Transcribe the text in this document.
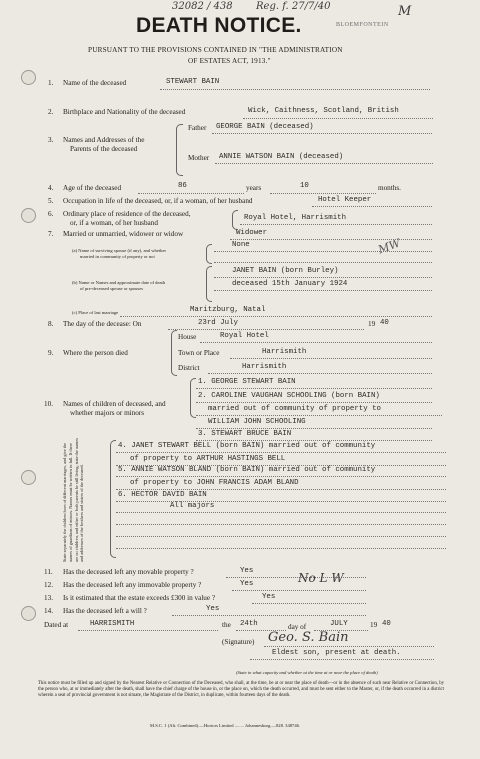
32082 / 438 Reg. f. 27/7/40	M
BLOEMFONTEIN
DEATH NOTICE.
PURSUANT TO THE PROVISIONS CONTAINED IN "THE ADMINISTRATION
OF ESTATES ACT, 1913."
1. Name of the deceased	STEWART BAIN
2. Birthplace and Nationality of the deceased	Wick, Caithness, Scotland, British
3. Names and Addresses of the
Parents of the deceased
Father GEORGE BAIN (deceased)
Mother ANNIE WATSON BAIN (deceased)
4. Age of the deceased	86	years	10	months.
5. Occupation in life of the deceased, or, if a woman, of her husband	Hotel Keeper
6. Ordinary place of residence of the deceased,
or, if a woman, of her husband
Royal Hotel, Harrismith
7. Married or unmarried, widower or widow	Widower
(a) Name of surviving spouse (if any), and whether
married in community of property or not
None
(b) Name or Names and approximate date of death
of pre-deceased spouse or spouses
JANET BAIN (born Burley)
deceased 15th January 1924
(c) Place of last marriage	Maritzburg, Natal
8. The day of the decease: On	23rd July	19 40
9. Where the person died
House	Royal Hotel
Town or Place	Harrismith
District	Harrismith
10. Names of children of deceased, and
whether majors or minors
1. GEORGE STEWART BAIN
2. CAROLINE VAUGHAN SCHOOLING (born BAIN)
married out of community of property to
WILLIAM JOHN SCHOOLING
3. STEWART BRUCE BAIN
4. JANET STEWART BELL (born BAIN) married out of community
of property to ARTHUR HASTINGS BELL
5. ANNIE WATSON BLAND (born BAIN) married out of community
of property to JOHN FRANCIS ADAM BLAND
6. HECTOR DAVID BAIN
All majors
State separately the children born of different marriages, and give the names of guardians of minors. Names must be written in full. If there are no children, and either or both parents be still living, state the names and addresses of the brothers and sisters of the deceased.
11. Has the deceased left any movable property ?	Yes
12. Has the deceased left any immovable property ?	Yes	No L W
13. Is it estimated that the estate exceeds £300 in value ?	Yes
14. Has the deceased left a will ?	Yes
Dated at	HARRISMITH	the 24th	day of	JULY	19 40
(Signature) Geo. S. Bain
Eldest son, present at death.
(State in what capacity and whether at the time at or near the place of death)
This notice must be filled up and signed by the Nearest Relative or Connection of the Deceased, who shall, at the time, be at or near the place of death—or in the absence of such near Relative or Connection, by the person who, at or immediately after the death, shall have the chief charge of the house in, or the place on, which the death occurred, and must be sent either to the Master, or, if the death occurred in a district wherein a seat of provincial government is not situate, the Magistrate of the District, in duplicate, within fourteen days of the death.
M.S.C. 1 (Alt. Combined).—Hortors Limited ........ Johannesburg.—828. 348746.
MW
